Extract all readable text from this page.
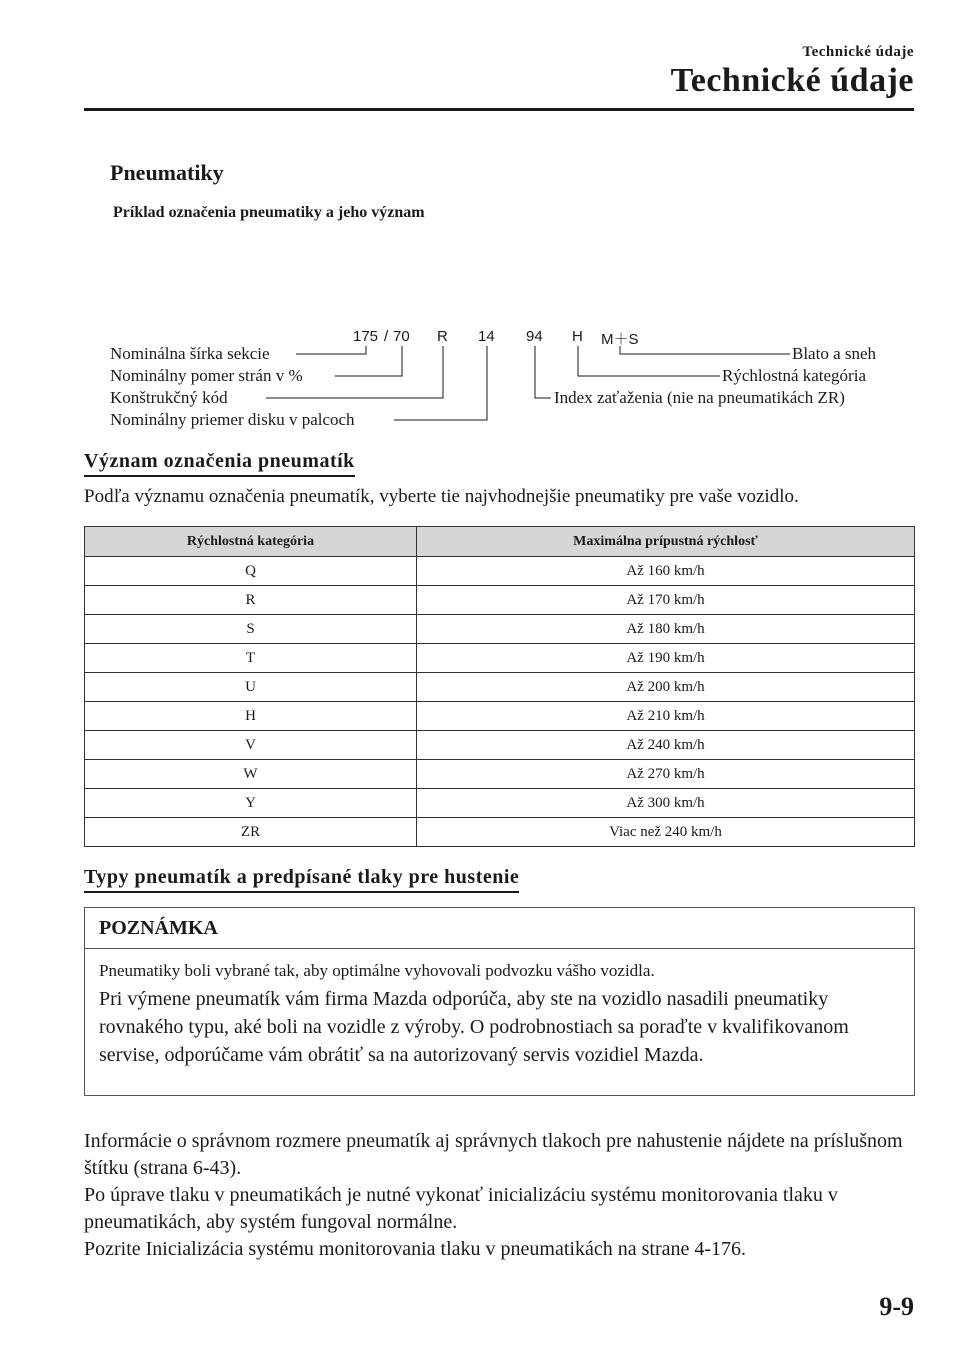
Technické údaje
Technické údaje
Pneumatiky
Príklad označenia pneumatiky a jeho význam
175 / 70 R 14 94 H M＋S
Nominálna šírka sekcie
Nominálny pomer strán v %
Konštrukčný kód
Nominálny priemer disku v palcoch
Blato a sneh
Rýchlostná kategória
Index zaťaženia (nie na pneumatikách ZR)
Význam označenia pneumatík
Podľa významu označenia pneumatík, vyberte tie najvhodnejšie pneumatiky pre vaše vozidlo.
Rýchlostná kategória	Maximálna prípustná rýchlosť
Q	Až 160 km/h
R	Až 170 km/h
S	Až 180 km/h
T	Až 190 km/h
U	Až 200 km/h
H	Až 210 km/h
V	Až 240 km/h
W	Až 270 km/h
Y	Až 300 km/h
ZR	Viac než 240 km/h
Typy pneumatík a predpísané tlaky pre hustenie
POZNÁMKA
Pneumatiky boli vybrané tak, aby optimálne vyhovovali podvozku vášho vozidla.
Pri výmene pneumatík vám firma Mazda odporúča, aby ste na vozidlo nasadili pneumatiky rovnakého typu, aké boli na vozidle z výroby. O podrobnostiach sa poraďte v kvalifikovanom servise, odporúčame vám obrátiť sa na autorizovaný servis vozidiel Mazda.
Informácie o správnom rozmere pneumatík aj správnych tlakoch pre nahustenie nájdete na príslušnom štítku (strana 6-43).
Po úprave tlaku v pneumatikách je nutné vykonať inicializáciu systému monitorovania tlaku v pneumatikách, aby systém fungoval normálne.
Pozrite Inicializácia systému monitorovania tlaku v pneumatikách na strane 4-176.
9-9
